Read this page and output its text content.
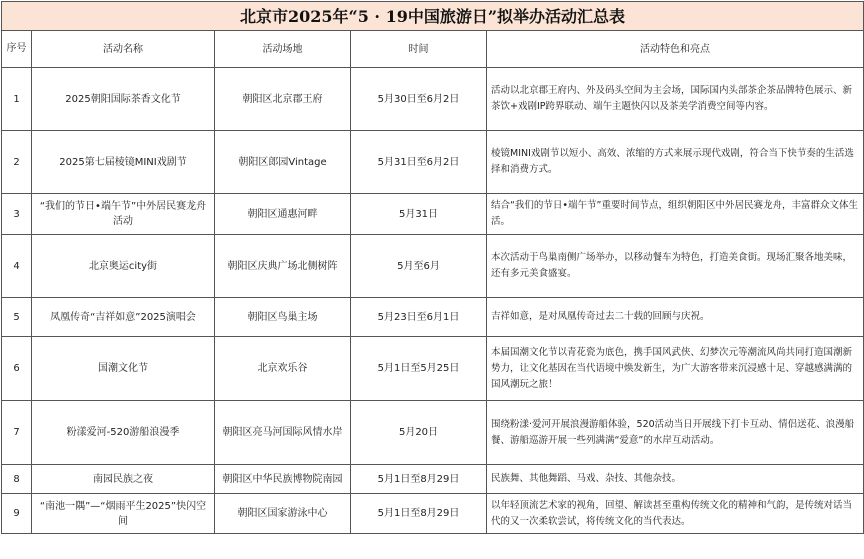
北京市2025年“5 · 19中国旅游日”拟举办活动汇总表				
序号	活动名称	活动场地	时间	活动特色和亮点
1	2025朝阳国际茶香文化节	朝阳区北京郡王府	5月30日至6月2日	活动以北京郡王府内、外及码头空间为主会场，国际国内头部茶企茶品牌特色展示、新茶饮+戏剧IP跨界联动、端午主题快闪以及茶美学消费空间等内容。
2	2025第七届棱镜MINI戏剧节	朝阳区郎园Vintage	5月31日至6月2日	棱镜MINI戏剧节以短小、高效、浓缩的方式来展示现代戏剧，符合当下快节奏的生活选择和消费方式。
3	“我们的节日•端午节”中外居民赛龙舟活动	朝阳区通惠河畔	5月31日	结合“我们的节日•端午节”重要时间节点，组织朝阳区中外居民赛龙舟，丰富群众文体生活。
4	北京奥运city街	朝阳区庆典广场北侧树阵	5月至6月	本次活动于鸟巢南侧广场举办，以移动餐车为特色，打造美食街。现场汇聚各地美味，还有多元美食盛宴。
5	凤凰传奇“吉祥如意”2025演唱会	朝阳区鸟巢主场	5月23日至6月1日	吉祥如意，是对凤凰传奇过去二十载的回顾与庆祝。
6	国潮文化节	北京欢乐谷	5月1日至5月25日	本届国潮文化节以青花瓷为底色，携手国风武侠、幻梦次元等潮流风尚共同打造国潮新势力，让文化基因在当代语境中焕发新生，为广大游客带来沉浸感十足、穿越感满满的国风潮玩之旅！
7	粉漾爱河-520游船浪漫季	朝阳区亮马河国际风情水岸	5月20日	围绕粉漾·爱河开展浪漫游船体验，520活动当日开展线下打卡互动、情侣送花、浪漫船餐、游船巡游开展一些列满满“爱意”的水岸互动活动。
8	南园民族之夜	朝阳区中华民族博物院南园	5月1日至8月29日	民族舞、其他舞蹈、马戏、杂技、其他杂技。
9	“南池一隅”—“烟雨平生2025”快闪空间	朝阳区国家游泳中心	5月1日至8月29日	以年轻顶流艺术家的视角，回望、解读甚至重构传统文化的精神和气韵，是传统对话当代的又一次柔软尝试，将传统文化的当代表达。
